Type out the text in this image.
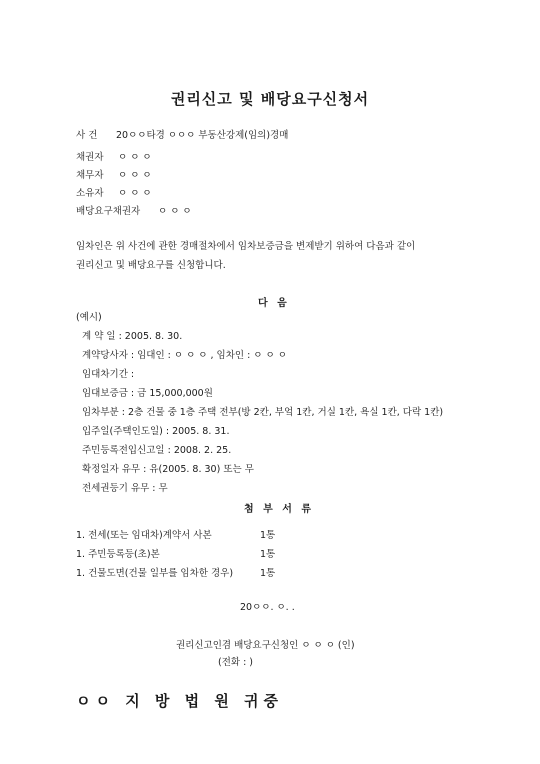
권리신고 및 배당요구신청서
사 건	20ㅇㅇ타경 ㅇㅇㅇ 부동산강제(임의)경매
채권자 ㅇ ㅇ ㅇ
채무자 ㅇ ㅇ ㅇ
소유자 ㅇ ㅇ ㅇ
배당요구채권자 ㅇ ㅇ ㅇ
임차인은 위 사건에 관한 경매절차에서 임차보증금을 변제받기 위하여 다음과 같이
권리신고 및 배당요구를 신청합니다.
다 음
(예시)
계 약 일 : 2005. 8. 30.
계약당사자 : 임대인 : ㅇ ㅇ ㅇ , 임차인 : ㅇ ㅇ ㅇ
임대차기간 :
임대보증금 : 금 15,000,000원
임차부분 : 2층 건물 중 1층 주택 전부(방 2칸, 부엌 1칸, 거실 1칸, 욕실 1칸, 다락 1칸)
입주일(주택인도일) : 2005. 8. 31.
주민등록전입신고일 : 2008. 2. 25.
확정일자 유무 : 유(2005. 8. 30) 또는 무
전세권등기 유무 : 무
첨 부 서 류
1. 전세(또는 임대차)계약서 사본	1통
1. 주민등록등(초)본	1통
1. 건물도면(건물 일부를 임차한 경우)	1통
20ㅇㅇ. ㅇ. .
권리신고인겸 배당요구신청인 ㅇ ㅇ ㅇ (인)
(전화 : )
ㅇㅇ 지 방 법 원 귀중
